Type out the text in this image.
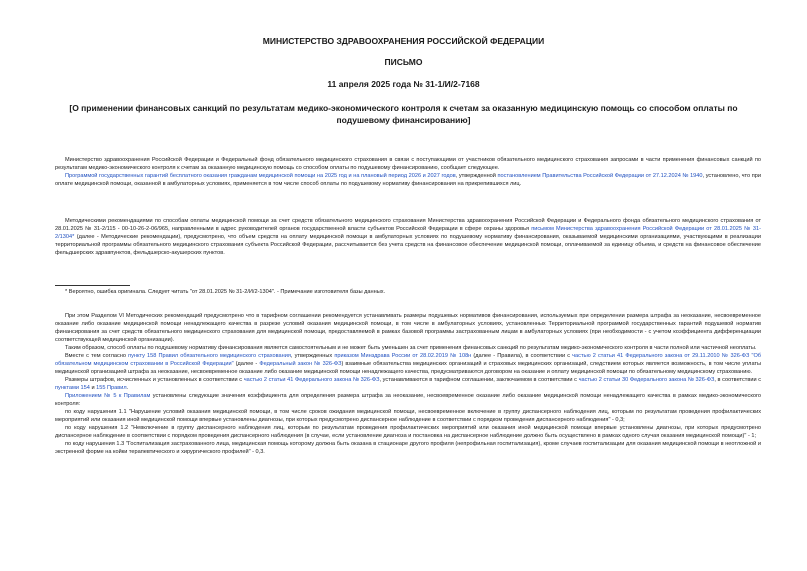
МИНИСТЕРСТВО ЗДРАВООХРАНЕНИЯ РОССИЙСКОЙ ФЕДЕРАЦИИ
ПИСЬМО
11 апреля 2025 года № 31-1/И/2-7168
[О применении финансовых санкций по результатам медико-экономического контроля к счетам за оказанную медицинскую помощь со способом оплаты по подушевому финансированию]

Министерство здравоохранения Российской Федерации и Федеральный фонд обязательного медицинского страхования в связи с поступающими от участников обязательного медицинского страхования запросами в части применения финансовых санкций по результатам медико-экономического контроля к счетам за оказанную медицинскую помощь со способом оплаты по подушевому финансированию, сообщает следующее.

Программой государственных гарантий бесплатного оказания гражданам медицинской помощи на 2025 год и на плановый период 2026 и 2027 годов, утвержденной постановлением Правительства Российской Федерации от 27.12.2024 № 1940, установлено, что при оплате медицинской помощи, оказанной в амбулаторных условиях, применяется в том числе способ оплаты по подушевому нормативу финансирования на прикрепившихся лиц.

Методическими рекомендациями по способам оплаты медицинской помощи за счет средств обязательного медицинского страхования Министерства здравоохранения Российской Федерации и Федерального фонда обязательного медицинского страхования от 28.01.2025 № 31-2/115 - 00-10-26-2-06/965, направленными в адрес руководителей органов государственной власти субъектов Российской Федерации в сфере охраны здоровья письмом Министерства здравоохранения Российской Федерации от 28.01.2025 № 31-2/1304* (далее - Методические рекомендации), предусмотрено, что объем средств на оплату медицинской помощи в амбулаторных условиях по подушевому нормативу финансирования, оказываемой медицинскими организациями, участвующими в реализации территориальной программы обязательного медицинского страхования субъекта Российской Федерации, рассчитывается без учета средств на финансовое обеспечение медицинской помощи, оплачиваемой за единицу объема, и средств на финансовое обеспечение фельдшерских здравпунктов, фельдшерско-акушерских пунктов.

* Вероятно, ошибка оригинала. Следует читать "от 28.01.2025 № 31-2/И/2-1304". - Примечание изготовителя базы данных.

При этом Разделом VI Методических рекомендаций предусмотрено что в тарифном соглашении рекомендуется устанавливать размеры подушевых нормативов финансирования, используемых при определении размера штрафа за неоказание, несвоевременное оказание либо оказание медицинской помощи ненадлежащего качества в разрезе условий оказания медицинской помощи, в том числе в амбулаторных условиях, установленных Территориальной программой государственных гарантий подушевой норматив финансирования за счет средств обязательного медицинского страхования для медицинской помощи, предоставляемой в рамках базовой программы застрахованным лицам в амбулаторных условиях (при необходимости - с учетом коэффициента дифференциации соответствующей медицинской организации).

Таким образом, способ оплаты по подушевому нормативу финансирования является самостоятельным и не может быть уменьшен за счет применения финансовых санкций по результатам медико-экономического контроля в части полной или частичной неоплаты.

Вместе с тем согласно пункту 158 Правил обязательного медицинского страхования, утвержденных приказом Минздрава России от 28.02.2019 № 108н (далее - Правила), в соответствии с частью 2 статьи 41 Федерального закона от 29.11.2010 № 326-ФЗ "Об обязательном медицинском страховании в Российской Федерации" (далее - Федеральный закон № 326-ФЗ) взаимные обязательства медицинских организаций и страховых медицинских организаций, следствием которых является возможность, в том числе уплаты медицинской организацией штрафа за неоказание, несвоевременное оказание либо оказание медицинской помощи ненадлежащего качества, предусматриваются договором на оказание и оплату медицинской помощи по обязательному медицинскому страхованию.

Размеры штрафов, исчисленных и установленных в соответствии с частью 2 статьи 41 Федерального закона № 326-ФЗ, устанавливаются в тарифном соглашении, заключаемом в соответствии с частью 2 статьи 30 Федерального закона № 326-ФЗ, в соответствии с пунктами 154 и 155 Правил.

Приложением № 5 к Правилам установлены следующие значения коэффициента для определения размера штрафа за неоказание, несвоевременное оказание либо оказание медицинской помощи ненадлежащего качества в рамках медико-экономического контроля:

по коду нарушения 1.1 "Нарушение условий оказания медицинской помощи, в том числе сроков ожидания медицинской помощи, несвоевременное включение в группу диспансерного наблюдения лиц, которым по результатам проведения профилактических мероприятий или оказания иной медицинской помощи впервые установлены диагнозы, при которых предусмотрено диспансерное наблюдение в соответствии с порядком проведения диспансерного наблюдения" - 0,3;

по коду нарушения 1.2 "Невключение в группу диспансерного наблюдения лиц, которым по результатам проведения профилактических мероприятий или оказания иной медицинской помощи впервые установлены диагнозы, при которых предусмотрено диспансерное наблюдение в соответствии с порядком проведения диспансерного наблюдения (в случае, если установление диагноза и постановка на диспансерное наблюдение должно быть осуществлено в рамках одного случая оказания медицинской помощи)" - 1;

по коду нарушения 1.3 "Госпитализация застрахованного лица, медицинская помощь которому должна быть оказана в стационаре другого профиля (непрофильная госпитализация), кроме случаев госпитализации для оказания медицинской помощи в неотложной и экстренной форме на койки терапевтического и хирургического профилей" - 0,3.
